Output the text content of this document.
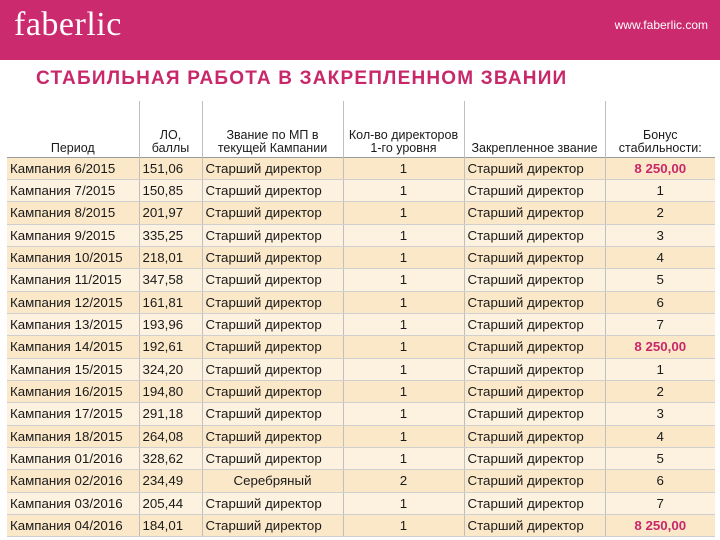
faberlic	www.faberlic.com
СТАБИЛЬНАЯ РАБОТА В ЗАКРЕПЛЕННОМ ЗВАНИИ
Период	ЛО, баллы	Звание по МП в текущей Кампании	Кол-во директоров 1-го уровня	Закрепленное звание	Бонус стабильности:
Кампания 6/2015	151,06	Старший директор	1	Старший директор	8 250,00
Кампания 7/2015	150,85	Старший директор	1	Старший директор	1
Кампания 8/2015	201,97	Старший директор	1	Старший директор	2
Кампания 9/2015	335,25	Старший директор	1	Старший директор	3
Кампания 10/2015	218,01	Старший директор	1	Старший директор	4
Кампания 11/2015	347,58	Старший директор	1	Старший директор	5
Кампания 12/2015	161,81	Старший директор	1	Старший директор	6
Кампания 13/2015	193,96	Старший директор	1	Старший директор	7
Кампания 14/2015	192,61	Старший директор	1	Старший директор	8 250,00
Кампания 15/2015	324,20	Старший директор	1	Старший директор	1
Кампания 16/2015	194,80	Старший директор	1	Старший директор	2
Кампания 17/2015	291,18	Старший директор	1	Старший директор	3
Кампания 18/2015	264,08	Старший директор	1	Старший директор	4
Кампания 01/2016	328,62	Старший директор	1	Старший директор	5
Кампания 02/2016	234,49	Серебряный	2	Старший директор	6
Кампания 03/2016	205,44	Старший директор	1	Старший директор	7
Кампания 04/2016	184,01	Старший директор	1	Старший директор	8 250,00
